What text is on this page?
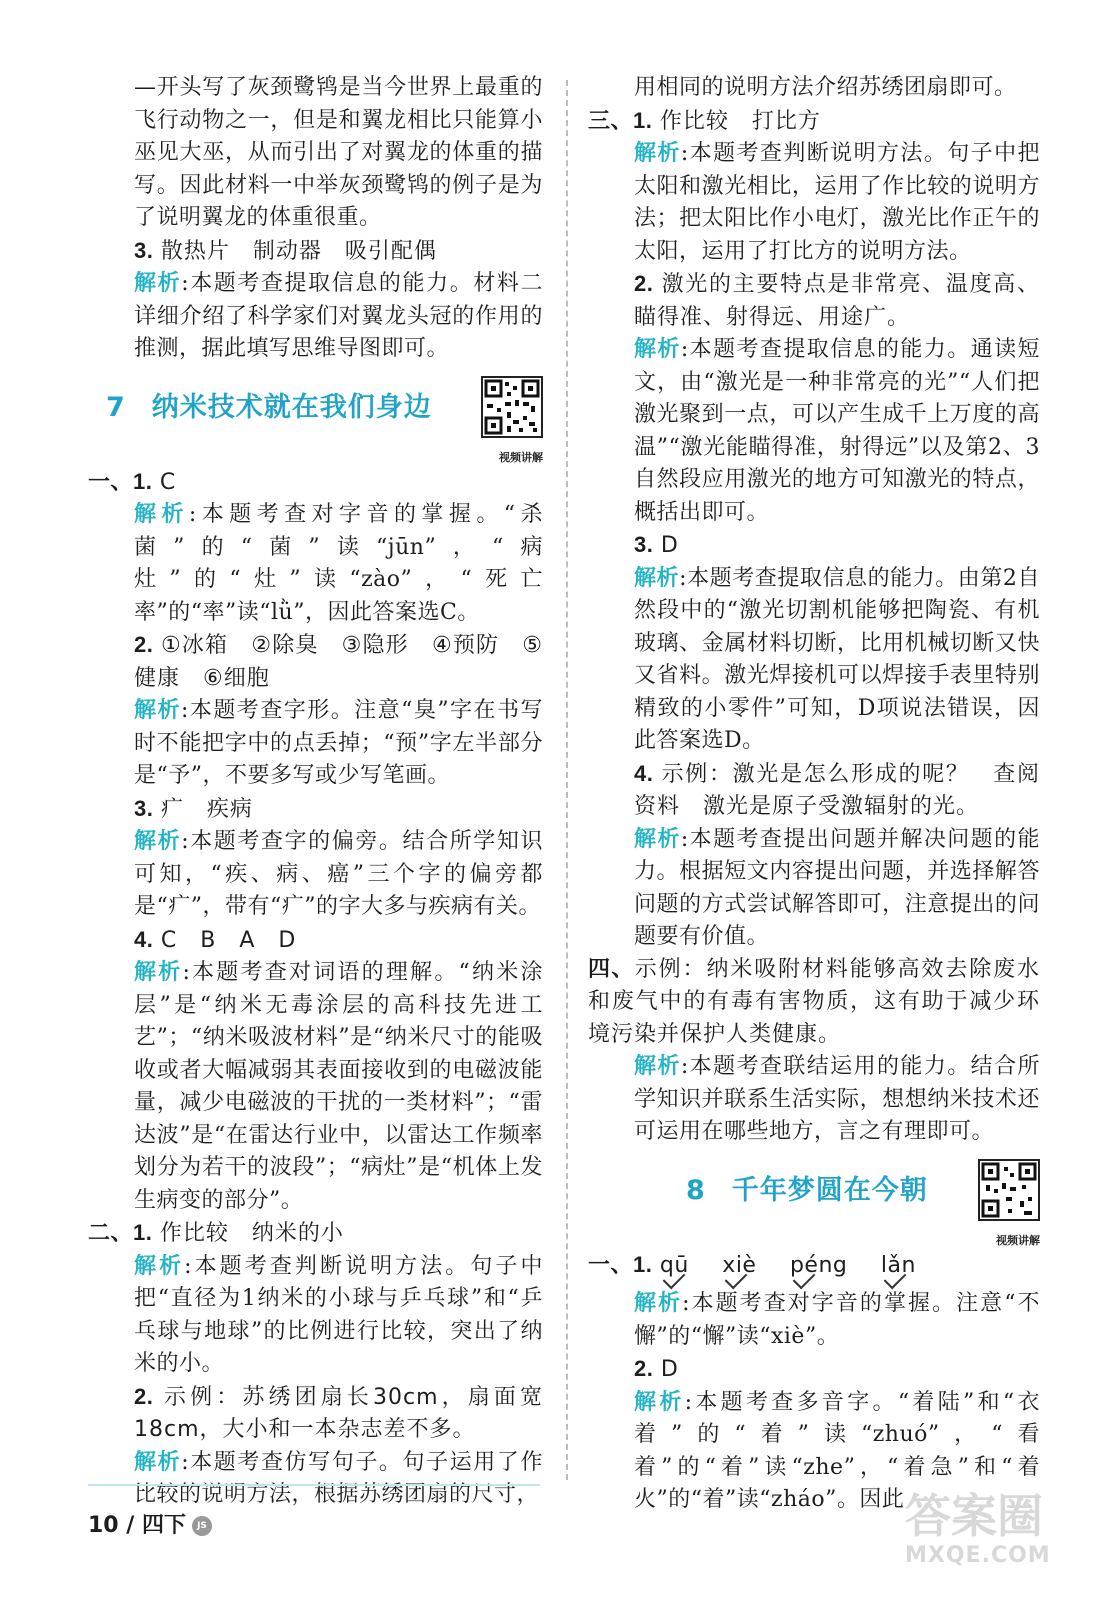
—开头写了灰颈鹭鸨是当今世界上最重的飞行动物之一，但是和翼龙相比只能算小巫见大巫，从而引出了对翼龙的体重的描写。因此材料一中举灰颈鹭鸨的例子是为了说明翼龙的体重很重。

3. 散热片　制动器　吸引配偶

解析:本题考查提取信息的能力。材料二详细介绍了科学家们对翼龙头冠的作用的推测，据此填写思维导图即可。

7 纳米技术就在我们身边
视频讲解

一、1. C

解析:本题考查对字音的掌握。“杀菌”的“菌”读“jūn”，“病灶”的“灶”读“zào”，“死亡率”的“率”读“lǜ”，因此答案选C。

2. ①冰箱　②除臭　③隐形　④预防　⑤健康　⑥细胞

解析:本题考查字形。注意“臭”字在书写时不能把字中的点丢掉；“预”字左半部分是“予”，不要多写或少写笔画。

3. 疒　疾病

解析:本题考查字的偏旁。结合所学知识可知，“疾、病、癌”三个字的偏旁都是“疒”，带有“疒”的字大多与疾病有关。

4. C　B　A　D

解析:本题考查对词语的理解。“纳米涂层”是“纳米无毒涂层的高科技先进工艺”；“纳米吸波材料”是“纳米尺寸的能吸收或者大幅减弱其表面接收到的电磁波能量，减少电磁波的干扰的一类材料”；“雷达波”是“在雷达行业中，以雷达工作频率划分为若干的波段”；“病灶”是“机体上发生病变的部分”。

二、1. 作比较　纳米的小

解析:本题考查判断说明方法。句子中把“直径为1纳米的小球与乒乓球”和“乒乓球与地球”的比例进行比较，突出了纳米的小。

2. 示例：苏绣团扇长30cm，扇面宽18cm，大小和一本杂志差不多。

解析:本题考查仿写句子。句子运用了作比较的说明方法，根据苏绣团扇的尺寸，

用相同的说明方法介绍苏绣团扇即可。

三、1. 作比较　打比方

解析:本题考查判断说明方法。句子中把太阳和激光相比，运用了作比较的说明方法；把太阳比作小电灯，激光比作正午的太阳，运用了打比方的说明方法。

2. 激光的主要特点是非常亮、温度高、瞄得准、射得远、用途广。

解析:本题考查提取信息的能力。通读短文，由“激光是一种非常亮的光”“人们把激光聚到一点，可以产生成千上万度的高温”“激光能瞄得准，射得远”以及第2、3自然段应用激光的地方可知激光的特点，概括出即可。

3. D

解析:本题考查提取信息的能力。由第2自然段中的“激光切割机能够把陶瓷、有机玻璃、金属材料切断，比用机械切断又快又省料。激光焊接机可以焊接手表里特别精致的小零件”可知，D项说法错误，因此答案选D。

4. 示例：激光是怎么形成的呢？　查阅资料　激光是原子受激辐射的光。

解析:本题考查提出问题并解决问题的能力。根据短文内容提出问题，并选择解答问题的方式尝试解答即可，注意提出的问题要有价值。

四、示例：纳米吸附材料能够高效去除废水和废气中的有毒有害物质，这有助于减少环境污染并保护人类健康。

解析:本题考查联结运用的能力。结合所学知识并联系生活实际，想想纳米技术还可运用在哪些地方，言之有理即可。

8 千年梦圆在今朝
视频讲解

一、1. qū xiè péng lǎn

解析:本题考查对字音的掌握。注意“不懈”的“懈”读“xiè”。

2. D

解析:本题考查多音字。“着陆”和“衣着”的“着”读“zhuó”，“看着”的“着”读“zhe”，“着急”和“着火”的“着”读“zháo”。因此

10 / 四下 JS	答案圈
MXQE.COM
